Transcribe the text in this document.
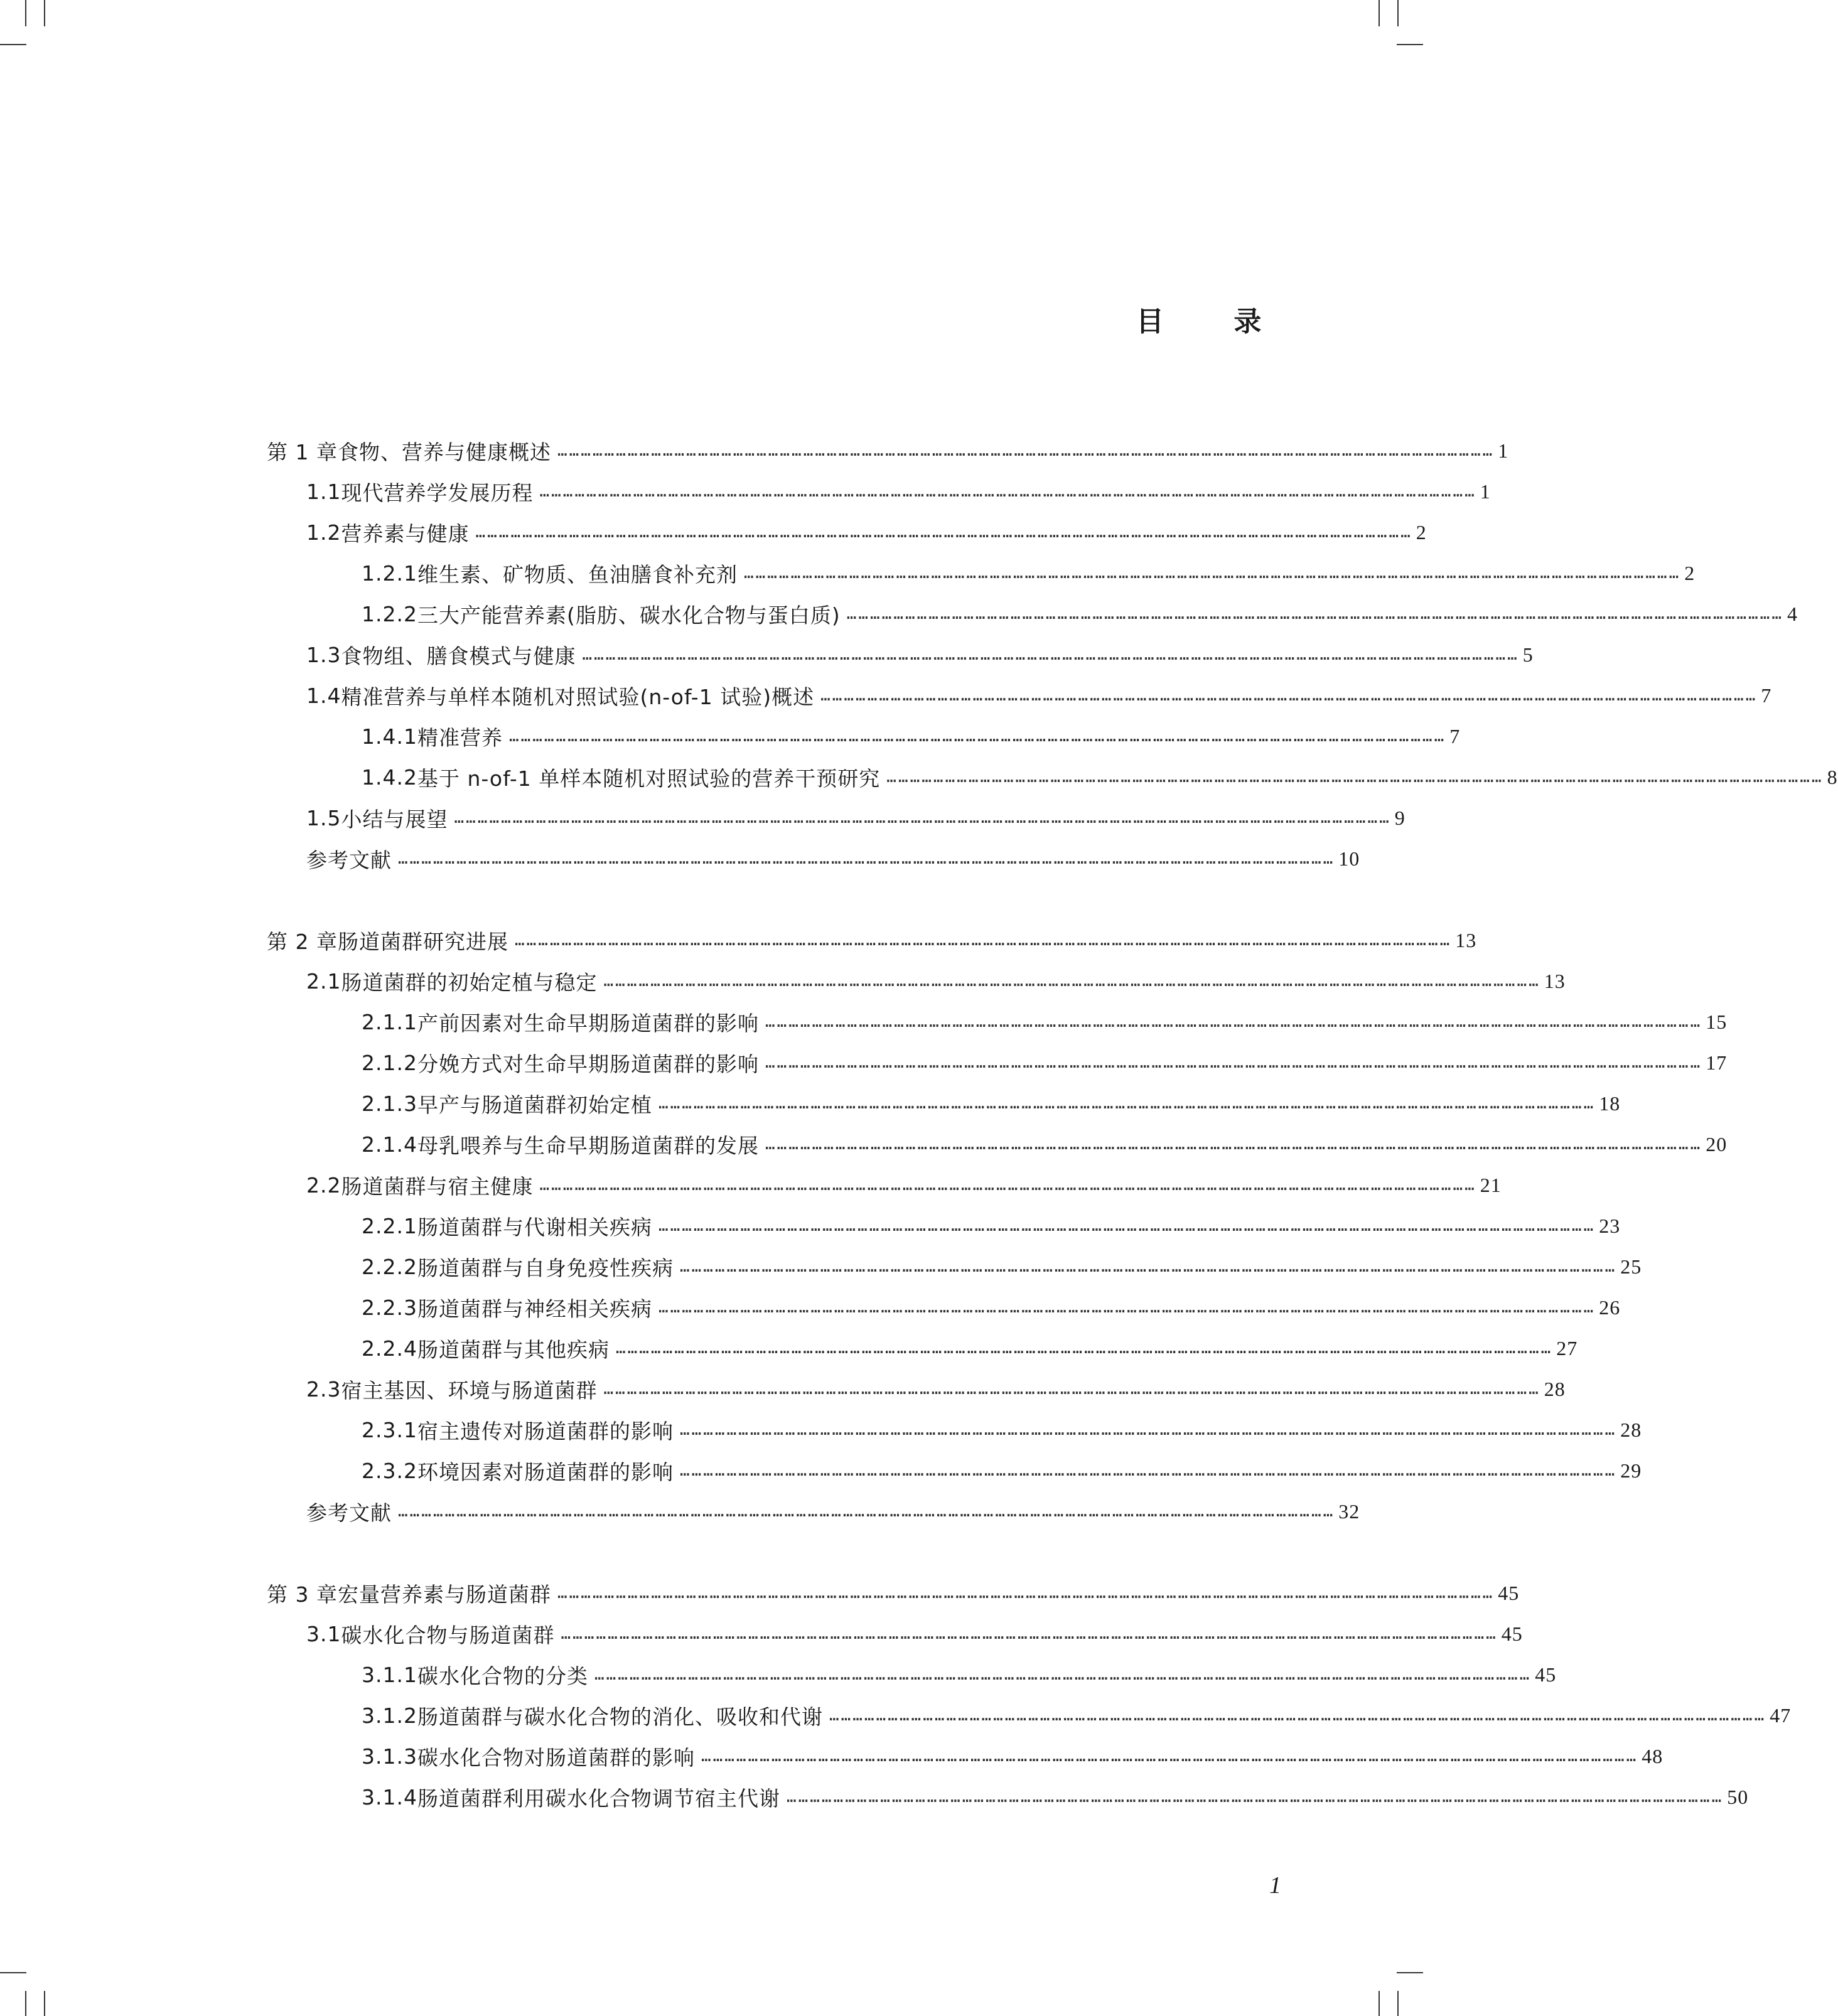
目 录
第 1 章 食物、营养与健康概述 …………………………………………………………………………………………………………………………………………………………………………………………………………………… 1
1.1 现代营养学发展历程 …………………………………………………………………………………………………………………………………………………………………………………………………………………… 1
1.2 营养素与健康 …………………………………………………………………………………………………………………………………………………………………………………………………………………… 2
1.2.1 维生素、矿物质、鱼油膳食补充剂 …………………………………………………………………………………………………………………………………………………………………………………………………………………… 2
1.2.2 三大产能营养素(脂肪、碳水化合物与蛋白质) …………………………………………………………………………………………………………………………………………………………………………………………………………………… 4
1.3 食物组、膳食模式与健康 …………………………………………………………………………………………………………………………………………………………………………………………………………………… 5
1.4 精准营养与单样本随机对照试验(n-of-1 试验)概述 …………………………………………………………………………………………………………………………………………………………………………………………………………………… 7
1.4.1 精准营养 …………………………………………………………………………………………………………………………………………………………………………………………………………………… 7
1.4.2 基于 n-of-1 单样本随机对照试验的营养干预研究 …………………………………………………………………………………………………………………………………………………………………………………………………………………… 8
1.5 小结与展望 …………………………………………………………………………………………………………………………………………………………………………………………………………………… 9
参考文献 …………………………………………………………………………………………………………………………………………………………………………………………………………………… 10
第 2 章 肠道菌群研究进展 …………………………………………………………………………………………………………………………………………………………………………………………………………………… 13
2.1 肠道菌群的初始定植与稳定 …………………………………………………………………………………………………………………………………………………………………………………………………………………… 13
2.1.1 产前因素对生命早期肠道菌群的影响 …………………………………………………………………………………………………………………………………………………………………………………………………………………… 15
2.1.2 分娩方式对生命早期肠道菌群的影响 …………………………………………………………………………………………………………………………………………………………………………………………………………………… 17
2.1.3 早产与肠道菌群初始定植 …………………………………………………………………………………………………………………………………………………………………………………………………………………… 18
2.1.4 母乳喂养与生命早期肠道菌群的发展 …………………………………………………………………………………………………………………………………………………………………………………………………………………… 20
2.2 肠道菌群与宿主健康 …………………………………………………………………………………………………………………………………………………………………………………………………………………… 21
2.2.1 肠道菌群与代谢相关疾病 …………………………………………………………………………………………………………………………………………………………………………………………………………………… 23
2.2.2 肠道菌群与自身免疫性疾病 …………………………………………………………………………………………………………………………………………………………………………………………………………………… 25
2.2.3 肠道菌群与神经相关疾病 …………………………………………………………………………………………………………………………………………………………………………………………………………………… 26
2.2.4 肠道菌群与其他疾病 …………………………………………………………………………………………………………………………………………………………………………………………………………………… 27
2.3 宿主基因、环境与肠道菌群 …………………………………………………………………………………………………………………………………………………………………………………………………………………… 28
2.3.1 宿主遗传对肠道菌群的影响 …………………………………………………………………………………………………………………………………………………………………………………………………………………… 28
2.3.2 环境因素对肠道菌群的影响 …………………………………………………………………………………………………………………………………………………………………………………………………………………… 29
参考文献 …………………………………………………………………………………………………………………………………………………………………………………………………………………… 32
第 3 章 宏量营养素与肠道菌群 …………………………………………………………………………………………………………………………………………………………………………………………………………………… 45
3.1 碳水化合物与肠道菌群 …………………………………………………………………………………………………………………………………………………………………………………………………………………… 45
3.1.1 碳水化合物的分类 …………………………………………………………………………………………………………………………………………………………………………………………………………………… 45
3.1.2 肠道菌群与碳水化合物的消化、吸收和代谢 …………………………………………………………………………………………………………………………………………………………………………………………………………………… 47
3.1.3 碳水化合物对肠道菌群的影响 …………………………………………………………………………………………………………………………………………………………………………………………………………………… 48
3.1.4 肠道菌群利用碳水化合物调节宿主代谢 …………………………………………………………………………………………………………………………………………………………………………………………………………………… 50
1
